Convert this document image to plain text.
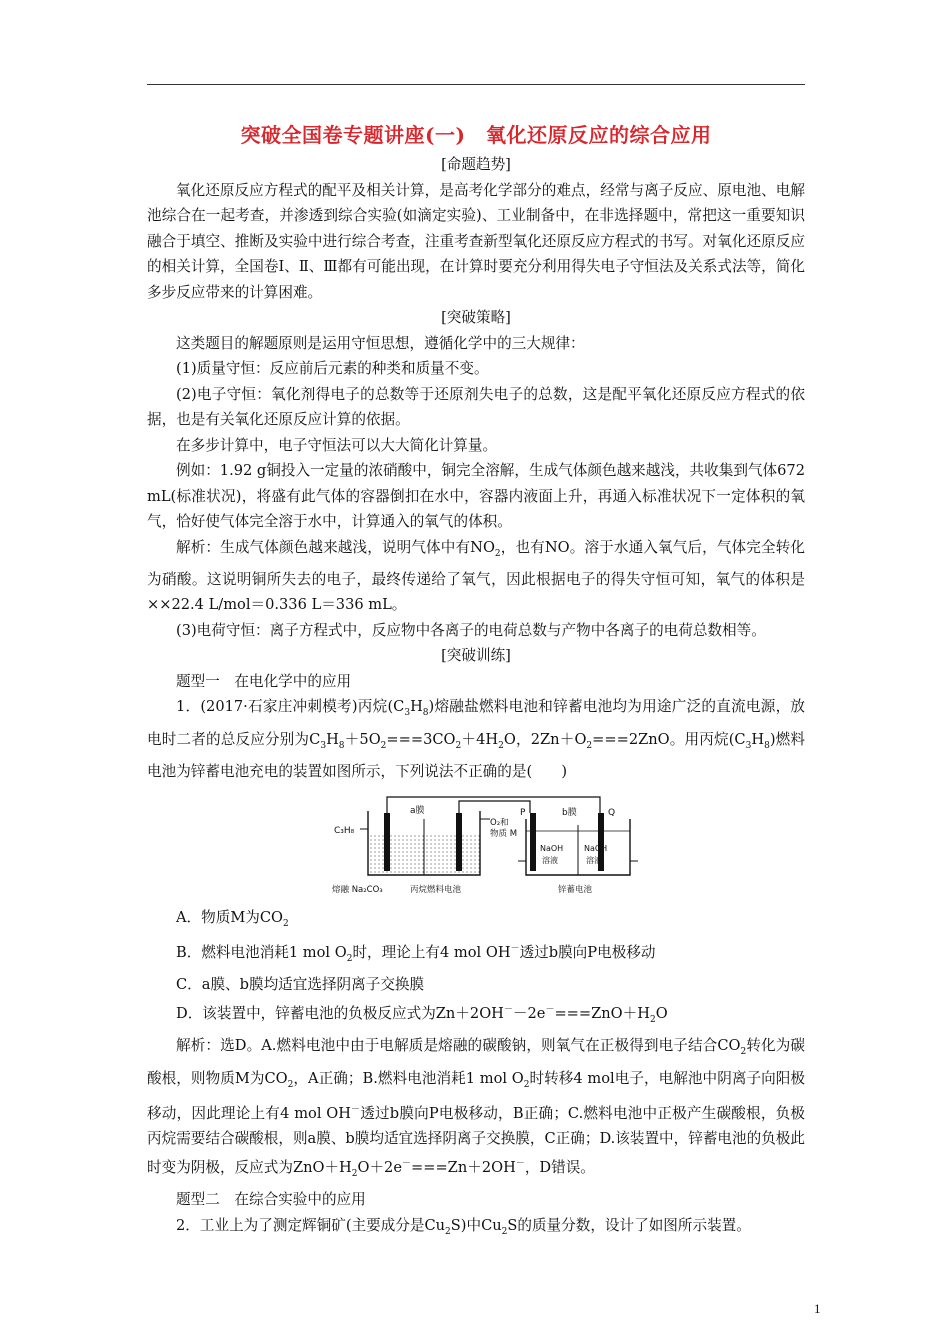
突破全国卷专题讲座(一)　氧化还原反应的综合应用

[命题趋势]

氧化还原反应方程式的配平及相关计算，是高考化学部分的难点，经常与离子反应、原电池、电解池综合在一起考查，并渗透到综合实验(如滴定实验)、工业制备中，在非选择题中，常把这一重要知识融合于填空、推断及实验中进行综合考查，注重考查新型氧化还原反应方程式的书写。对氧化还原反应的相关计算，全国卷Ⅰ、Ⅱ、Ⅲ都有可能出现，在计算时要充分利用得失电子守恒法及关系式法等，简化多步反应带来的计算困难。

[突破策略]

这类题目的解题原则是运用守恒思想，遵循化学中的三大规律：

(1)质量守恒：反应前后元素的种类和质量不变。

(2)电子守恒：氧化剂得电子的总数等于还原剂失电子的总数，这是配平氧化还原反应方程式的依据，也是有关氧化还原反应计算的依据。

在多步计算中，电子守恒法可以大大简化计算量。

例如：1.92 g铜投入一定量的浓硝酸中，铜完全溶解，生成气体颜色越来越浅，共收集到气体672 mL(标准状况)，将盛有此气体的容器倒扣在水中，容器内液面上升，再通入标准状况下一定体积的氧气，恰好使气体完全溶于水中，计算通入的氧气的体积。

解析：生成气体颜色越来越浅，说明气体中有$NO_2$，也有NO。溶于水通入氧气后，气体完全转化为硝酸。这说明铜所失去的电子，最终传递给了氧气，因此根据电子的得失守恒可知，氧气的体积是××22.4 L/mol＝0.336 L＝336 mL。

(3)电荷守恒：离子方程式中，反应物中各离子的电荷总数与产物中各离子的电荷总数相等。

[突破训练]

题型一　在电化学中的应用

1．(2017·石家庄冲刺模考)丙烷$(C_3H_8)$熔融盐燃料电池和锌蓄电池均为用途广泛的直流电源，放电时二者的总反应分别为$C_3H_8+5O_2===3CO_2+4H_2O$，$2Zn+O_2===2ZnO$。用丙烷$(C_3H_8)$燃料电池为锌蓄电池充电的装置如图所示，下列说法不正确的是(　　)

a膜
C₃H₈
O₂和
物质 M
P	Q
b膜
NaOH
溶液
NaOH
溶液
熔融 Na₂CO₃	丙烷燃料电池	锌蓄电池

A．物质M为$CO_2$

B．燃料电池消耗1 mol $O_2$时，理论上有4 mol OH－透过b膜向P电极移动

C．a膜、b膜均适宜选择阴离子交换膜

D．该装置中，锌蓄电池的负极反应式为$Zn+2OH^--2e^-===ZnO+H_2O$

解析：选D。A.燃料电池中由于电解质是熔融的碳酸钠，则氧气在正极得到电子结合$CO_2$转化为碳酸根，则物质M为$CO_2$，A正确；B.燃料电池消耗1 mol $O_2$时转移4 mol电子，电解池中阴离子向阳极移动，因此理论上有4 mol OH－透过b膜向P电极移动，B正确；C.燃料电池中正极产生碳酸根，负极丙烷需要结合碳酸根，则a膜、b膜均适宜选择阴离子交换膜，C正确；D.该装置中，锌蓄电池的负极此时变为阴极，反应式为$ZnO+H_2O+2e^-===Zn+2OH^-$，D错误。

题型二　在综合实验中的应用

2．工业上为了测定辉铜矿(主要成分是$Cu_2S$)中$Cu_2S$的质量分数，设计了如图所示装置。

1
